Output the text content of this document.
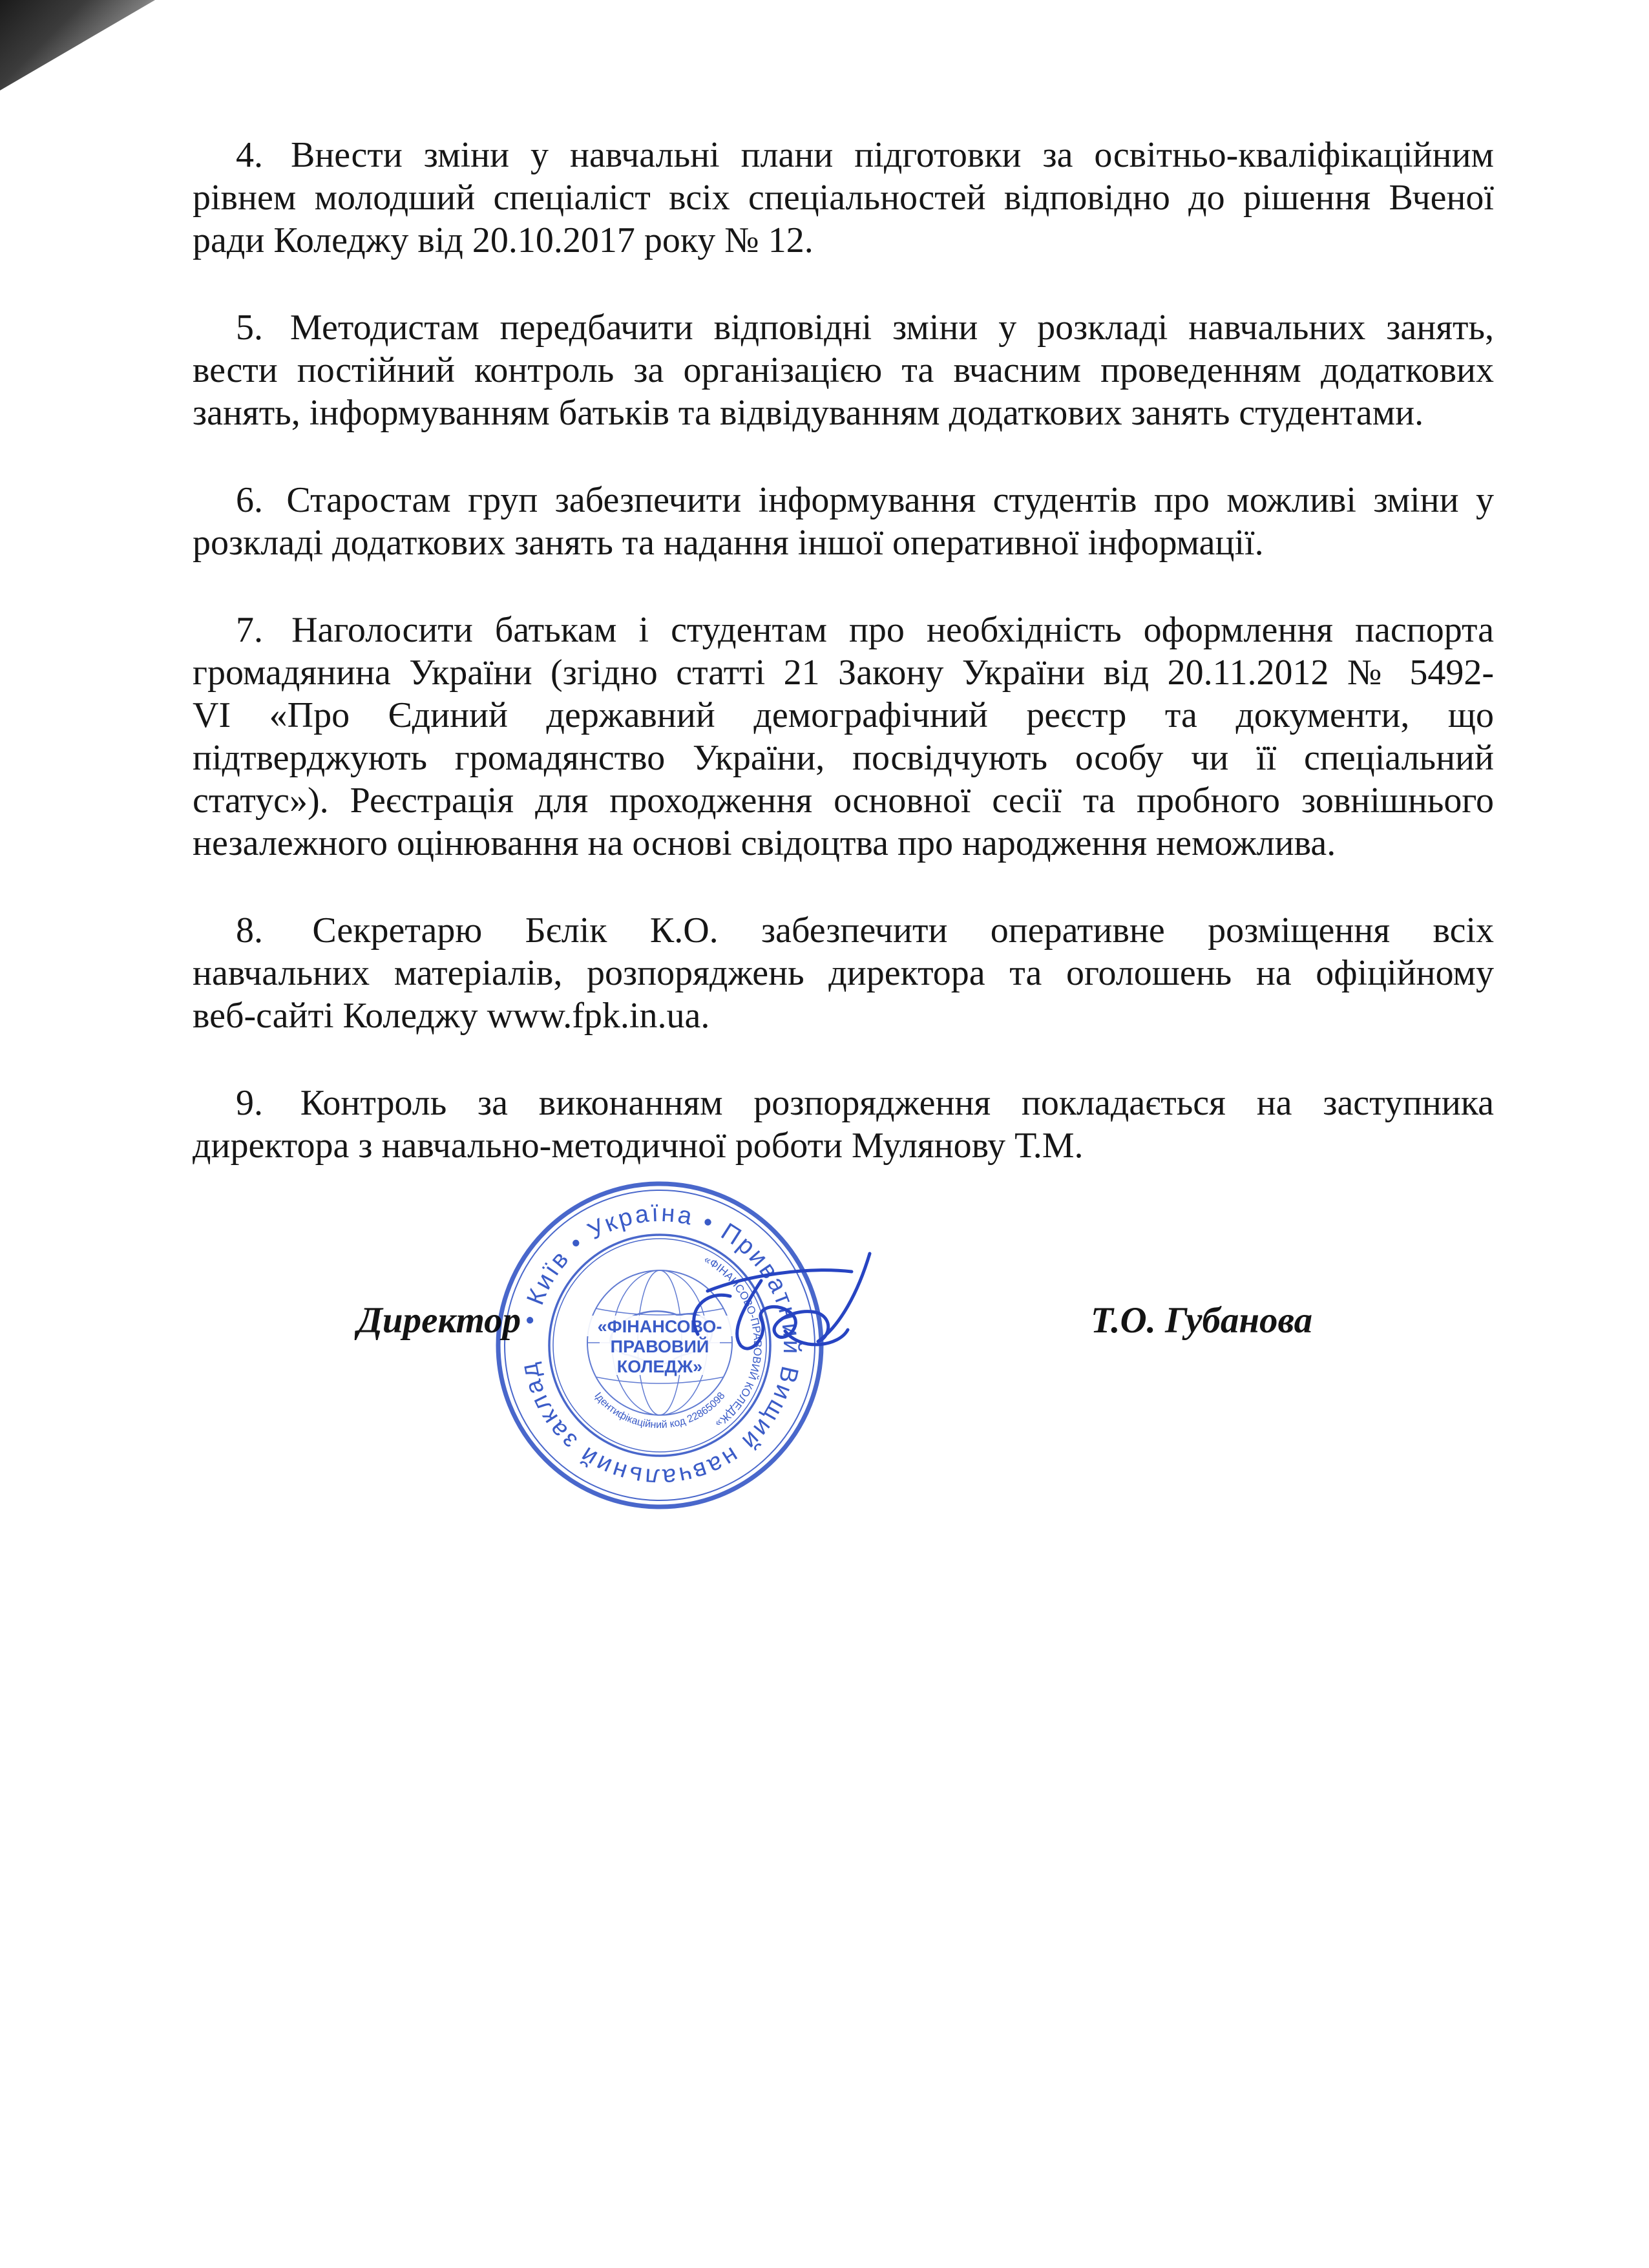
4. Внести зміни у навчальні плани підготовки за освітньо-кваліфікаційним
рівнем молодший спеціаліст всіх спеціальностей відповідно до рішення Вченої
ради Коледжу від 20.10.2017 року № 12.
5. Методистам передбачити відповідні зміни у розкладі навчальних занять,
вести постійний контроль за організацією та вчасним проведенням додаткових
занять, інформуванням батьків та відвідуванням додаткових занять студентами.
6. Старостам груп забезпечити інформування студентів про можливі зміни у
розкладі додаткових занять та надання іншої оперативної інформації.
7. Наголосити батькам і студентам про необхідність оформлення паспорта
громадянина України (згідно статті 21 Закону України від 20.11.2012 № 5492-
VI «Про Єдиний державний демографічний реєстр та документи, що
підтверджують громадянство України, посвідчують особу чи її спеціальний
статус»). Реєстрація для проходження основної сесії та пробного зовнішнього
незалежного оцінювання на основі свідоцтва про народження неможлива.
8. Секретарю Бєлік К.О. забезпечити оперативне розміщення всіх
навчальних матеріалів, розпоряджень директора та оголошень на офіційному
веб-сайті Коледжу www.fpk.in.ua.
9. Контроль за виконанням розпорядження покладається на заступника
директора з навчально-методичної роботи Мулянову Т.М.
Директор	Т.О. Губанова
• Київ • Україна • Приватний Вищий навчальний заклад
«ФІНАНСОВО-ПРАВОВИЙ КОЛЕДЖ»
«ФІНАНСОВО-
ПРАВОВИЙ
КОЛЕДЖ»
Ідентифікаційний код 22865098
